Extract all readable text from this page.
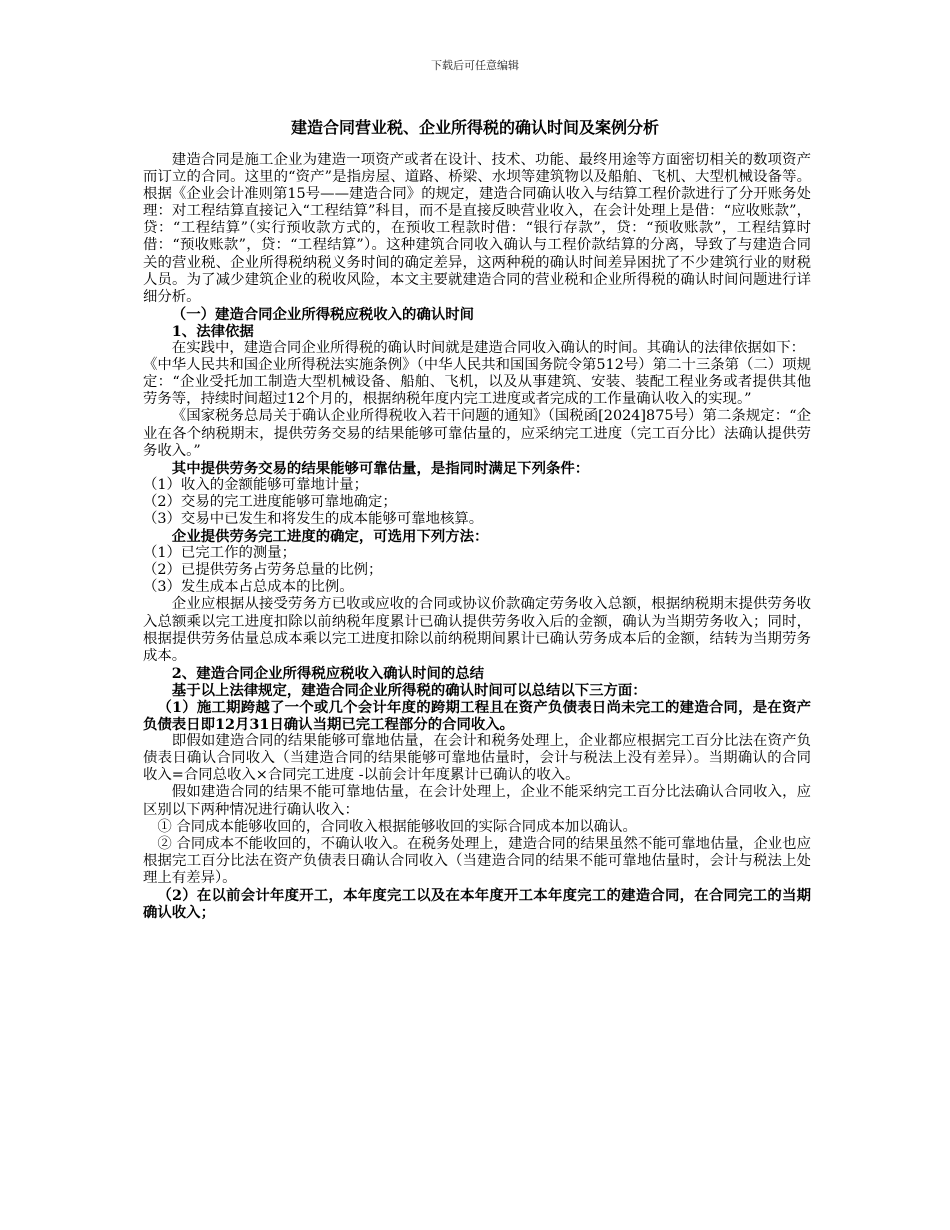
下载后可任意编辑
建造合同营业税、企业所得税的确认时间及案例分析

建造合同是施工企业为建造一项资产或者在设计、技术、功能、最终用途等方面密切相关的数项资产而订立的合同。这里的“资产”是指房屋、道路、桥梁、水坝等建筑物以及船舶、飞机、大型机械设备等。根据《企业会计准则第15号——建造合同》的规定，建造合同确认收入与结算工程价款进行了分开账务处理：对工程结算直接记入“工程结算”科目，而不是直接反映营业收入，在会计处理上是借：“应收账款”，贷：“工程结算”（实行预收款方式的，在预收工程款时借：“银行存款”，贷：“预收账款”，工程结算时借：“预收账款”，贷：“工程结算”）。这种建筑合同收入确认与工程价款结算的分离，导致了与建造合同关的营业税、企业所得税纳税义务时间的确定差异，这两种税的确认时间差异困扰了不少建筑行业的财税人员。为了减少建筑企业的税收风险，本文主要就建造合同的营业税和企业所得税的确认时间问题进行详细分析。

（一）建造合同企业所得税应税收入的确认时间

1、法律依据

在实践中，建造合同企业所得税的确认时间就是建造合同收入确认的时间。其确认的法律依据如下：

《中华人民共和国企业所得税法实施条例》（中华人民共和国国务院令第512号）第二十三条第（二）项规定：“企业受托加工制造大型机械设备、船舶、飞机，以及从事建筑、安装、装配工程业务或者提供其他劳务等，持续时间超过12个月的，根据纳税年度内完工进度或者完成的工作量确认收入的实现。”

《国家税务总局关于确认企业所得税收入若干问题的通知》（国税函[2024]875号）第二条规定：“企业在各个纳税期末，提供劳务交易的结果能够可靠估量的，应采纳完工进度（完工百分比）法确认提供劳务收入。”

其中提供劳务交易的结果能够可靠估量，是指同时满足下列条件：

（1）收入的金额能够可靠地计量；

（2）交易的完工进度能够可靠地确定；

（3）交易中已发生和将发生的成本能够可靠地核算。

企业提供劳务完工进度的确定，可选用下列方法：

（1）已完工作的测量；

（2）已提供劳务占劳务总量的比例；

（3）发生成本占总成本的比例。

企业应根据从接受劳务方已收或应收的合同或协议价款确定劳务收入总额，根据纳税期末提供劳务收入总额乘以完工进度扣除以前纳税年度累计已确认提供劳务收入后的金额，确认为当期劳务收入；同时，根据提供劳务估量总成本乘以完工进度扣除以前纳税期间累计已确认劳务成本后的金额，结转为当期劳务成本。

2、建造合同企业所得税应税收入确认时间的总结

基于以上法律规定，建造合同企业所得税的确认时间可以总结以下三方面：

（1）施工期跨越了一个或几个会计年度的跨期工程且在资产负债表日尚未完工的建造合同，是在资产负债表日即12月31日确认当期已完工程部分的合同收入。

即假如建造合同的结果能够可靠地估量，在会计和税务处理上，企业都应根据完工百分比法在资产负债表日确认合同收入（当建造合同的结果能够可靠地估量时，会计与税法上没有差异）。当期确认的合同收入=合同总收入×合同完工进度 -以前会计年度累计已确认的收入。

假如建造合同的结果不能可靠地估量，在会计处理上，企业不能采纳完工百分比法确认合同收入，应区别以下两种情况进行确认收入：

① 合同成本能够收回的，合同收入根据能够收回的实际合同成本加以确认。

② 合同成本不能收回的，不确认收入。在税务处理上，建造合同的结果虽然不能可靠地估量，企业也应根据完工百分比法在资产负债表日确认合同收入（当建造合同的结果不能可靠地估量时，会计与税法上处理上有差异）。

（2）在以前会计年度开工，本年度完工以及在本年度开工本年度完工的建造合同，在合同完工的当期确认收入；
